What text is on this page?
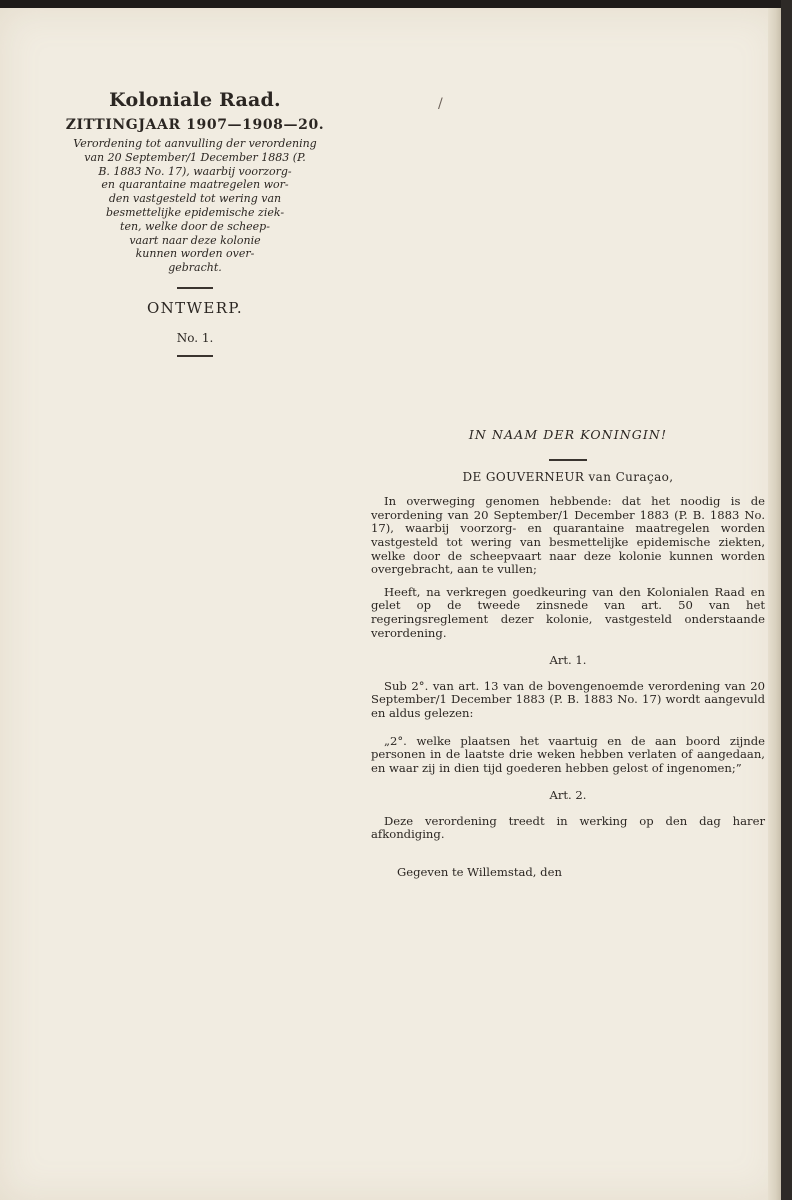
Koloniale Raad.
ZITTINGJAAR 1907—1908—20.
Verordening tot aanvulling der verordening
van 20 September/1 December 1883 (P.
B. 1883 No. 17), waarbij voorzorg-
en quarantaine maatregelen wor-
den vastgesteld tot wering van
besmettelijke epidemische ziek-
ten, welke door de scheep-
vaart naar deze kolonie
kunnen worden over-
gebracht.
ONTWERP.
No. 1.
/
IN NAAM DER KONINGIN!
DE GOUVERNEUR van Curaçao,

In overweging genomen hebbende: dat het noodig is de verordening van 20 September/1 December 1883 (P. B. 1883 No. 17), waarbij voorzorg- en quarantaine maatregelen worden vastgesteld tot wering van besmettelijke epidemische ziekten, welke door de scheepvaart naar deze kolonie kunnen worden overgebracht, aan te vullen;

Heeft, na verkregen goedkeuring van den Kolonialen Raad en gelet op de tweede zinsnede van art. 50 van het regeringsreglement dezer kolonie, vastgesteld onderstaande verordening.

Art. 1.

Sub 2°. van art. 13 van de bovengenoemde verordening van 20 September/1 December 1883 (P. B. 1883 No. 17) wordt aangevuld en aldus gelezen:

„2°. welke plaatsen het vaartuig en de aan boord zijnde personen in de laatste drie weken hebben verlaten of aangedaan, en waar zij in dien tijd goederen hebben gelost of ingenomen;”

Art. 2.

Deze verordening treedt in werking op den dag harer afkondiging.

Gegeven te Willemstad, den
